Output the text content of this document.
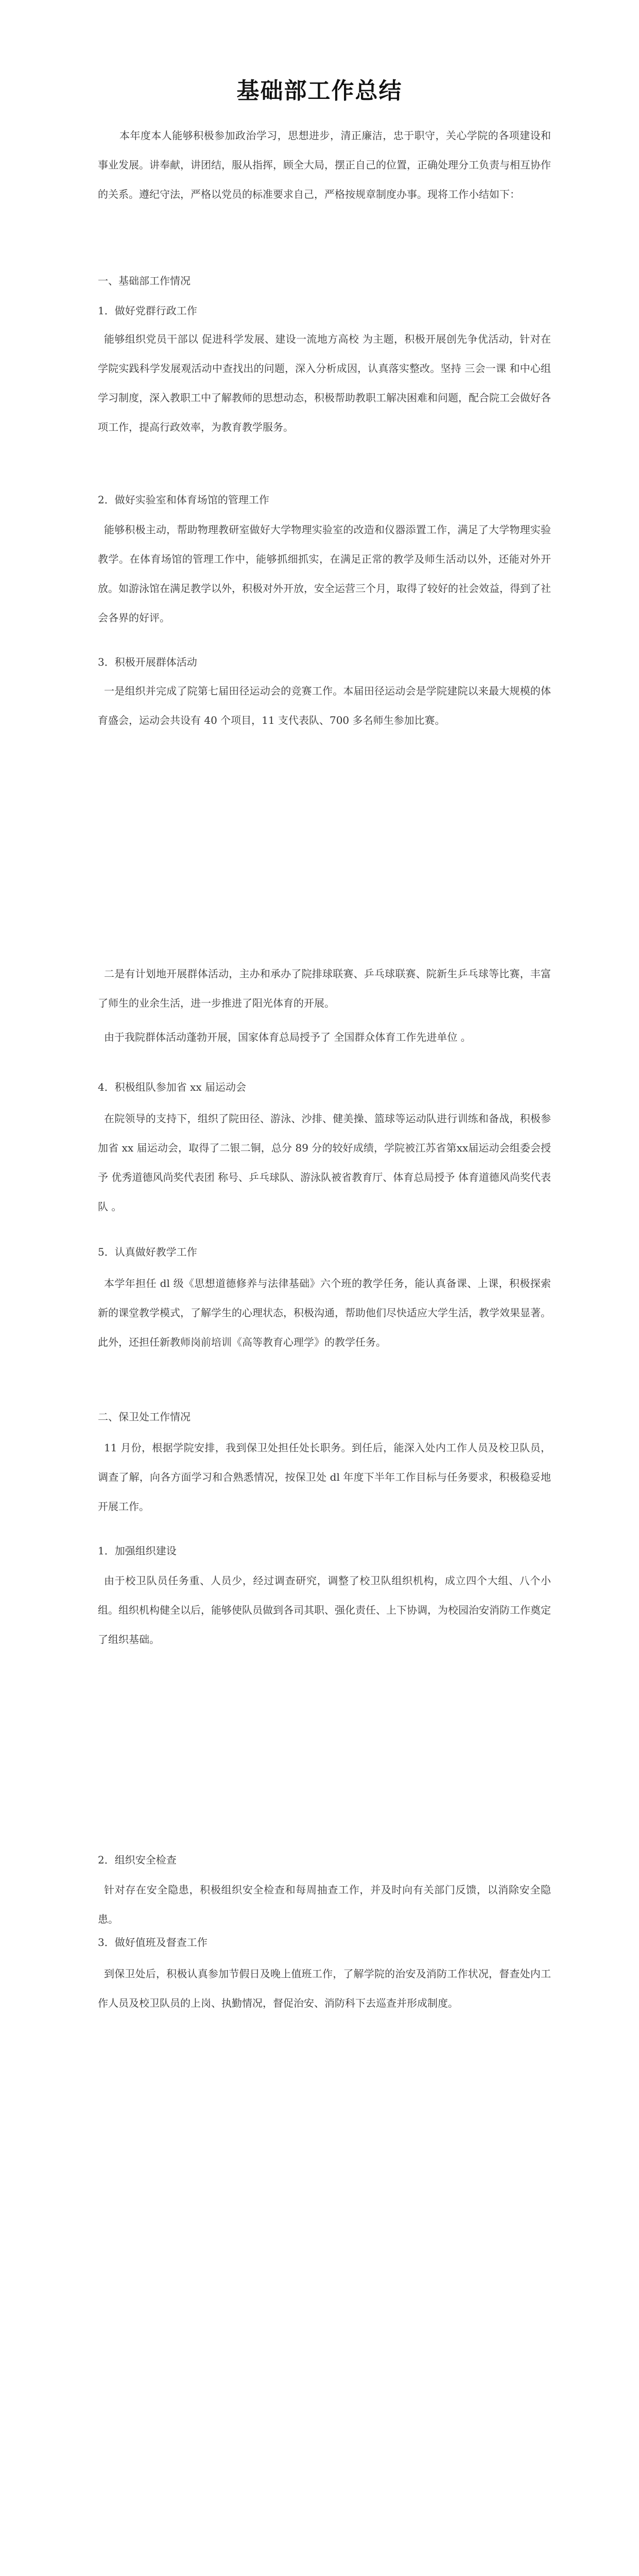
基础部工作总结
本年度本人能够积极参加政治学习，思想进步，清正廉洁，忠于职守，关心学院的各项建设和事业发展。讲奉献，讲团结，服从指挥，顾全大局，摆正自己的位置，正确处理分工负责与相互协作的关系。遵纪守法，严格以党员的标准要求自己，严格按规章制度办事。现将工作小结如下：
一、基础部工作情况
1．做好党群行政工作
能够组织党员干部以 促进科学发展、建设一流地方高校 为主题，积极开展创先争优活动，针对在学院实践科学发展观活动中查找出的问题，深入分析成因，认真落实整改。坚持 三会一课 和中心组学习制度，深入教职工中了解教师的思想动态，积极帮助教职工解决困难和问题，配合院工会做好各项工作，提高行政效率，为教育教学服务。
2．做好实验室和体育场馆的管理工作
能够积极主动，帮助物理教研室做好大学物理实验室的改造和仪器添置工作，满足了大学物理实验教学。在体育场馆的管理工作中，能够抓细抓实，在满足正常的教学及师生活动以外，还能对外开放。如游泳馆在满足教学以外，积极对外开放，安全运营三个月，取得了较好的社会效益，得到了社会各界的好评。
3．积极开展群体活动
一是组织并完成了院第七届田径运动会的竞赛工作。本届田径运动会是学院建院以来最大规模的体育盛会，运动会共设有 40 个项目，11 支代表队、700 多名师生参加比赛。
二是有计划地开展群体活动，主办和承办了院排球联赛、乒乓球联赛、院新生乒乓球等比赛，丰富了师生的业余生活，进一步推进了阳光体育的开展。
由于我院群体活动蓬勃开展，国家体育总局授予了 全国群众体育工作先进单位 。
4．积极组队参加省 xx 届运动会
在院领导的支持下，组织了院田径、游泳、沙排、健美操、篮球等运动队进行训练和备战，积极参加省 xx 届运动会，取得了二银二铜，总分 89 分的较好成绩，学院被江苏省第xx届运动会组委会授予 优秀道德风尚奖代表团 称号、乒乓球队、游泳队被省教育厅、体育总局授予 体育道德风尚奖代表队 。
5．认真做好教学工作
本学年担任 dl 级《思想道德修养与法律基础》六个班的教学任务，能认真备课、上课，积极探索新的课堂教学模式，了解学生的心理状态，积极沟通，帮助他们尽快适应大学生活，教学效果显著。此外，还担任新教师岗前培训《高等教育心理学》的教学任务。
二、保卫处工作情况
11 月份，根据学院安排，我到保卫处担任处长职务。到任后，能深入处内工作人员及校卫队员，调查了解，向各方面学习和合熟悉情况，按保卫处 dl 年度下半年工作目标与任务要求，积极稳妥地开展工作。
1．加强组织建设
由于校卫队员任务重、人员少，经过调查研究，调整了校卫队组织机构，成立四个大组、八个小组。组织机构健全以后，能够使队员做到各司其职、强化责任、上下协调，为校园治安消防工作奠定了组织基础。
2．组织安全检查
针对存在安全隐患，积极组织安全检查和每周抽查工作，并及时向有关部门反馈，以消除安全隐患。
3．做好值班及督查工作
到保卫处后，积极认真参加节假日及晚上值班工作，了解学院的治安及消防工作状况，督查处内工作人员及校卫队员的上岗、执勤情况，督促治安、消防科下去巡查并形成制度。
